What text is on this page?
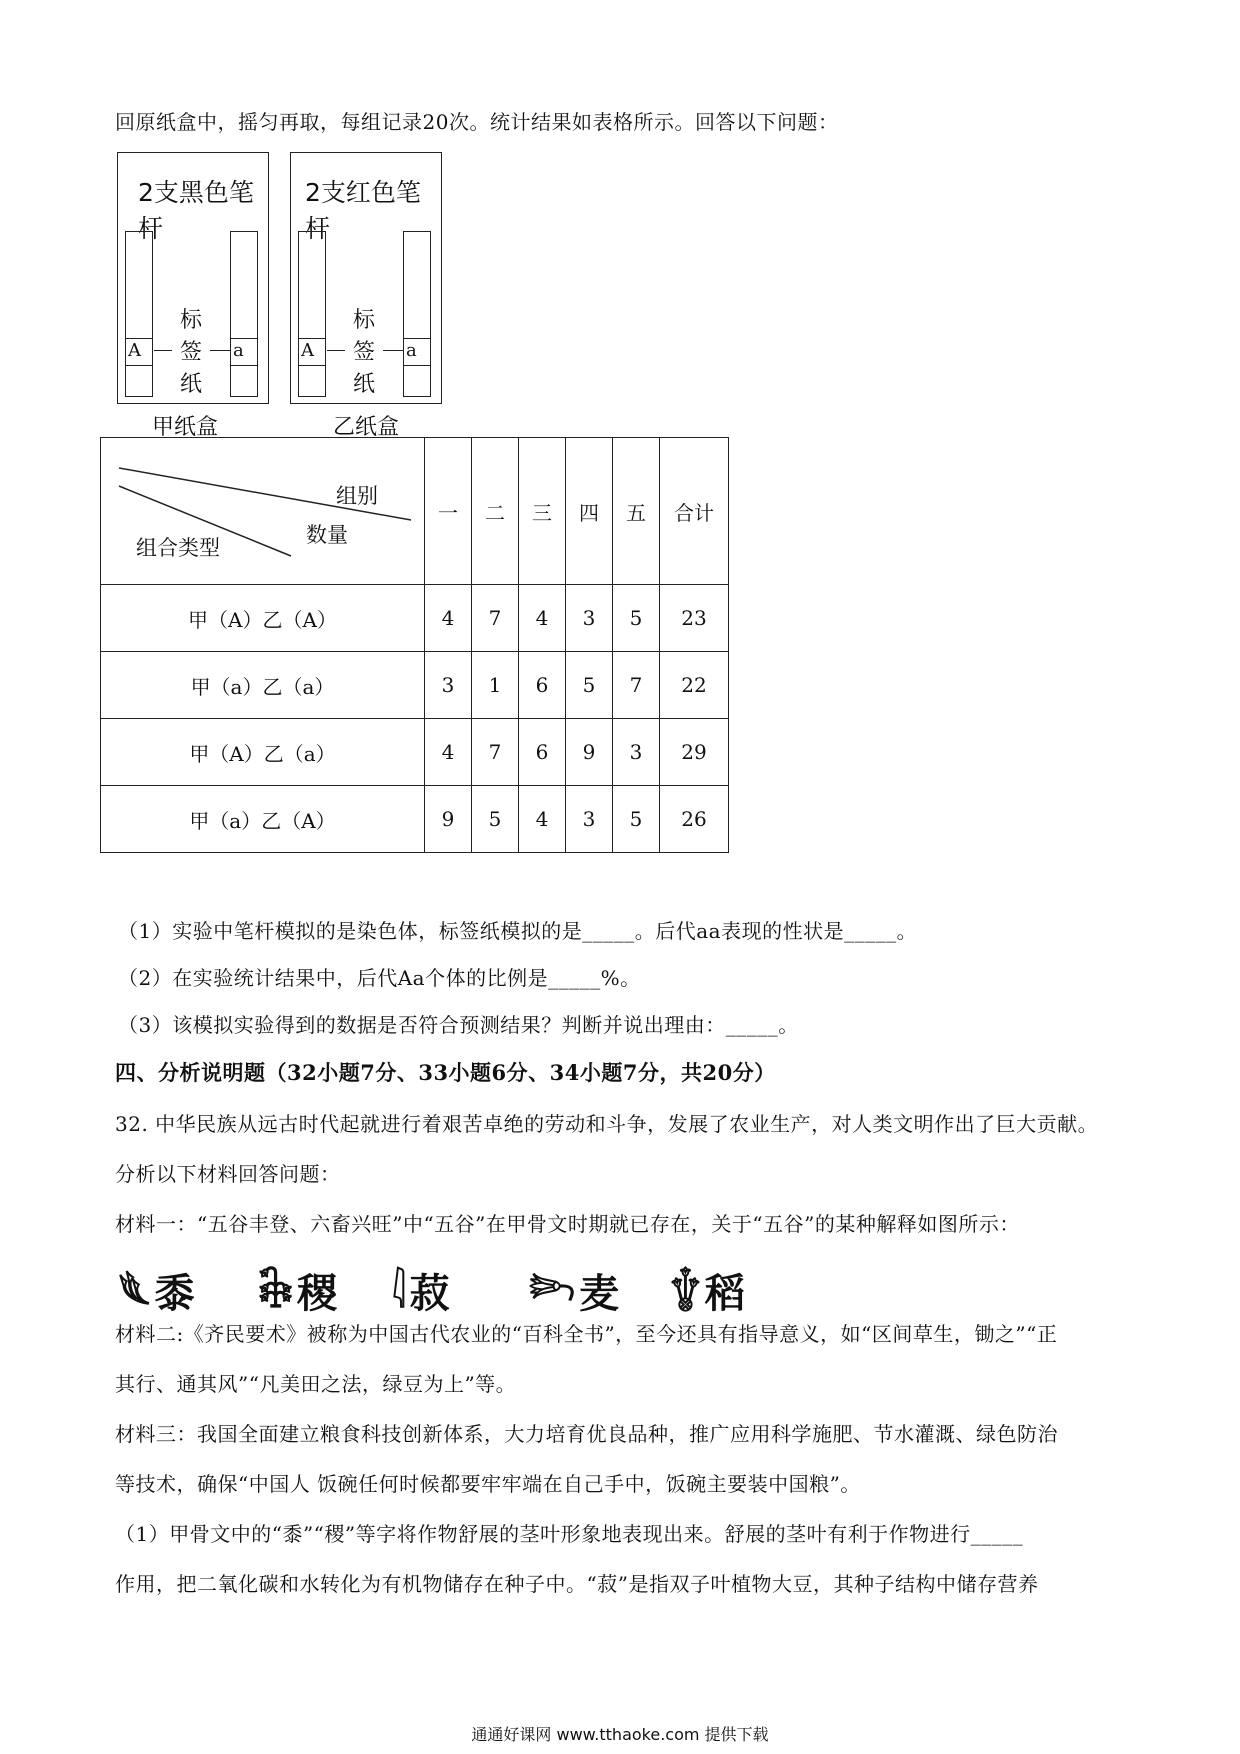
回原纸盒中，摇匀再取，每组记录20次。统计结果如表格所示。回答以下问题：
2支黑色笔杆
A	a
标
签
纸
甲纸盒
2支红色笔杆
A	a
标
签
纸
乙纸盒
组别
数量
组合类型	一	二	三	四	五	合计
甲（A）乙（A）	4	7	4	3	5	23
甲（a）乙（a）	3	1	6	5	7	22
甲（A）乙（a）	4	7	6	9	3	29
甲（a）乙（A）	9	5	4	3	5	26
（1）实验中笔杆模拟的是染色体，标签纸模拟的是_____。后代aa表现的性状是_____。
（2）在实验统计结果中，后代Aa个体的比例是_____%。
（3）该模拟实验得到的数据是否符合预测结果？判断并说出理由：_____。
四、分析说明题（32小题7分、33小题6分、34小题7分，共20分）
32. 中华民族从远古时代起就进行着艰苦卓绝的劳动和斗争，发展了农业生产，对人类文明作出了巨大贡献。
分析以下材料回答问题：
材料一：“五谷丰登、六畜兴旺”中“五谷”在甲骨文时期就已存在，关于“五谷”的某种解释如图所示：
𓆰黍 𓇗稷 𓇋菽 𓆸麦 𓇚稻
材料二:《齐民要术》被称为中国古代农业的“百科全书”，至今还具有指导意义，如“区间草生，锄之”“正
其行、通其风”“凡美田之法，绿豆为上”等。
材料三：我国全面建立粮食科技创新体系，大力培育优良品种，推广应用科学施肥、节水灌溉、绿色防治
等技术，确保“中国人 饭碗任何时候都要牢牢端在自己手中，饭碗主要装中国粮”。
（1）甲骨文中的“黍”“稷”等字将作物舒展的茎叶形象地表现出来。舒展的茎叶有利于作物进行_____
作用，把二氧化碳和水转化为有机物储存在种子中。“菽”是指双子叶植物大豆，其种子结构中储存营养
通通好课网 www.tthaoke.com 提供下载
